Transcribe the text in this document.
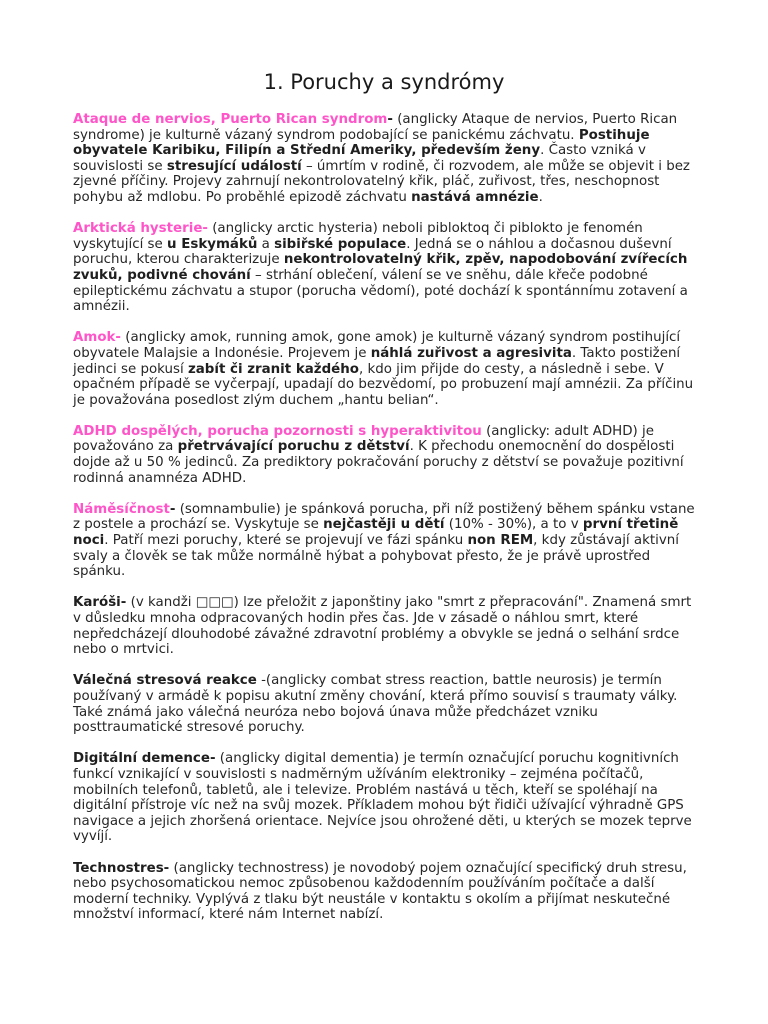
1. Poruchy a syndrómy

Ataque de nervios, Puerto Rican syndrom- (anglicky Ataque de nervios, Puerto Rican syndrome) je kulturně vázaný syndrom podobající se panickému záchvatu. Postihuje obyvatele Karibiku, Filipín a Střední Ameriky, především ženy. Často vzniká v souvislosti se stresující událostí – úmrtím v rodině, či rozvodem, ale může se objevit i bez zjevné příčiny. Projevy zahrnují nekontrolovatelný křik, pláč, zuřivost, třes, neschopnost pohybu až mdlobu. Po proběhlé epizodě záchvatu nastává amnézie.

Arktická hysterie- (anglicky arctic hysteria) neboli pibloktoq či piblokto je fenomén vyskytující se u Eskymáků a sibiřské populace. Jedná se o náhlou a dočasnou duševní poruchu, kterou charakterizuje nekontrolovatelný křik, zpěv, napodobování zvířecích zvuků, podivné chování – strhání oblečení, válení se ve sněhu, dále křeče podobné epileptickému záchvatu a stupor (porucha vědomí), poté dochází k spontánnímu zotavení a amnézii.

Amok- (anglicky amok, running amok, gone amok) je kulturně vázaný syndrom postihující obyvatele Malajsie a Indonésie. Projevem je náhlá zuřivost a agresivita. Takto postižení jedinci se pokusí zabít či zranit každého, kdo jim přijde do cesty, a následně i sebe. V opačném případě se vyčerpají, upadají do bezvědomí, po probuzení mají amnézii. Za příčinu je považována posedlost zlým duchem „hantu belian“.

ADHD dospělých, porucha pozornosti s hyperaktivitou (anglicky: adult ADHD) je považováno za přetrvávající poruchu z dětství. K přechodu onemocnění do dospělosti dojde až u 50 % jedinců. Za prediktory pokračování poruchy z dětství se považuje pozitivní rodinná anamnéza ADHD.

Náměsíčnost- (somnambulie) je spánková porucha, při níž postižený během spánku vstane z postele a prochází se. Vyskytuje se nejčastěji u dětí (10% - 30%), a to v první třetině noci. Patří mezi poruchy, které se projevují ve fázi spánku non REM, kdy zůstávají aktivní svaly a člověk se tak může normálně hýbat a pohybovat přesto, že je právě uprostřed spánku.

Karóši- (v kandži □□□) lze přeložit z japonštiny jako "smrt z přepracování". Znamená smrt v důsledku mnoha odpracovaných hodin přes čas. Jde v zásadě o náhlou smrt, které nepředcházejí dlouhodobé závažné zdravotní problémy a obvykle se jedná o selhání srdce nebo o mrtvici.

Válečná stresová reakce -(anglicky combat stress reaction, battle neurosis) je termín používaný v armádě k popisu akutní změny chování, která přímo souvisí s traumaty války. Také známá jako válečná neuróza nebo bojová únava může předcházet vzniku posttraumatické stresové poruchy.

Digitální demence- (anglicky digital dementia) je termín označující poruchu kognitivních funkcí vznikající v souvislosti s nadměrným užíváním elektroniky – zejména počítačů, mobilních telefonů, tabletů, ale i televize. Problém nastává u těch, kteří se spoléhají na digitální přístroje víc než na svůj mozek. Příkladem mohou být řidiči užívající výhradně GPS navigace a jejich zhoršená orientace. Nejvíce jsou ohrožené děti, u kterých se mozek teprve vyvíjí.

Technostres- (anglicky technostress) je novodobý pojem označující specifický druh stresu, nebo psychosomatickou nemoc způsobenou každodenním používáním počítače a další moderní techniky. Vyplývá z tlaku být neustále v kontaktu s okolím a přijímat neskutečné množství informací, které nám Internet nabízí.
